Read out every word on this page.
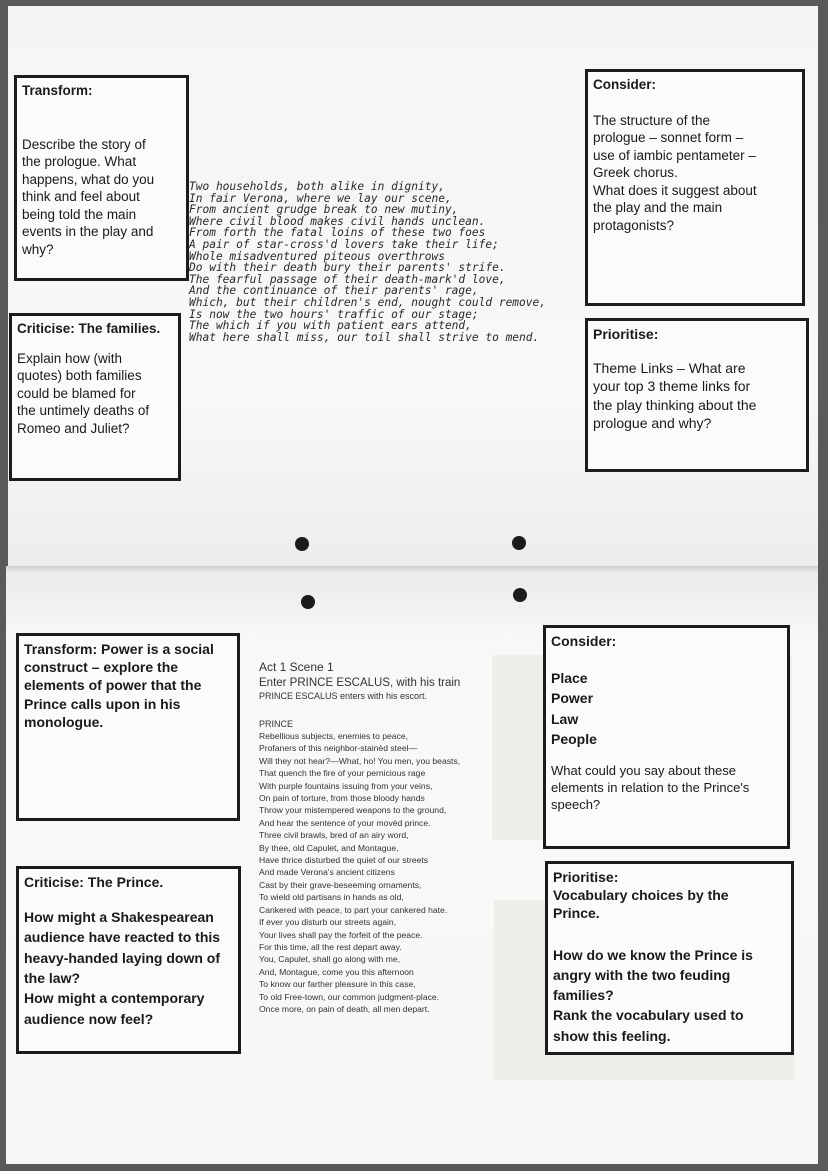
Transform:
Describe the story of
the prologue. What
happens, what do you
think and feel about
being told the main
events in the play and
why?
Criticise: The families.
Explain how (with
quotes) both families
could be blamed for
the untimely deaths of
Romeo and Juliet?
Consider:
The structure of the
prologue – sonnet form –
use of iambic pentameter –
Greek chorus.
What does it suggest about
the play and the main
protagonists?
Prioritise:
Theme Links – What are
your top 3 theme links for
the play thinking about the
prologue and why?
Two households, both alike in dignity,
In fair Verona, where we lay our scene,
From ancient grudge break to new mutiny,
Where civil blood makes civil hands unclean.
From forth the fatal loins of these two foes
A pair of star-cross'd lovers take their life;
Whole misadventured piteous overthrows
Do with their death bury their parents' strife.
The fearful passage of their death-mark'd love,
And the continuance of their parents' rage,
Which, but their children's end, nought could remove,
Is now the two hours' traffic of our stage;
The which if you with patient ears attend,
What here shall miss, our toil shall strive to mend.
Transform: Power is a social
construct – explore the
elements of power that the
Prince calls upon in his
monologue.
Criticise: The Prince.
How might a Shakespearean
audience have reacted to this
heavy-handed laying down of
the law?
How might a contemporary
audience now feel?
Consider:
Place
Power
Law
People
What could you say about these
elements in relation to the Prince's
speech?
Prioritise:
Vocabulary choices by the
Prince.
How do we know the Prince is
angry with the two feuding
families?
Rank the vocabulary used to
show this feeling.
Act 1 Scene 1
Enter PRINCE ESCALUS, with his train
PRINCE ESCALUS enters with his escort.
PRINCE
Rebellious subjects, enemies to peace,
Profaners of this neighbor-stainèd steel—
Will they not hear?—What, ho! You men, you beasts,
That quench the fire of your pernicious rage
With purple fountains issuing from your veins,
On pain of torture, from those bloody hands
Throw your mistempered weapons to the ground,
And hear the sentence of your movèd prince.
Three civil brawls, bred of an airy word,
By thee, old Capulet, and Montague,
Have thrice disturbed the quiet of our streets
And made Verona's ancient citizens
Cast by their grave-beseeming ornaments,
To wield old partisans in hands as old,
Cankered with peace, to part your cankered hate.
If ever you disturb our streets again,
Your lives shall pay the forfeit of the peace.
For this time, all the rest depart away.
You, Capulet, shall go along with me,
And, Montague, come you this afternoon
To know our farther pleasure in this case,
To old Free-town, our common judgment-place.
Once more, on pain of death, all men depart.
